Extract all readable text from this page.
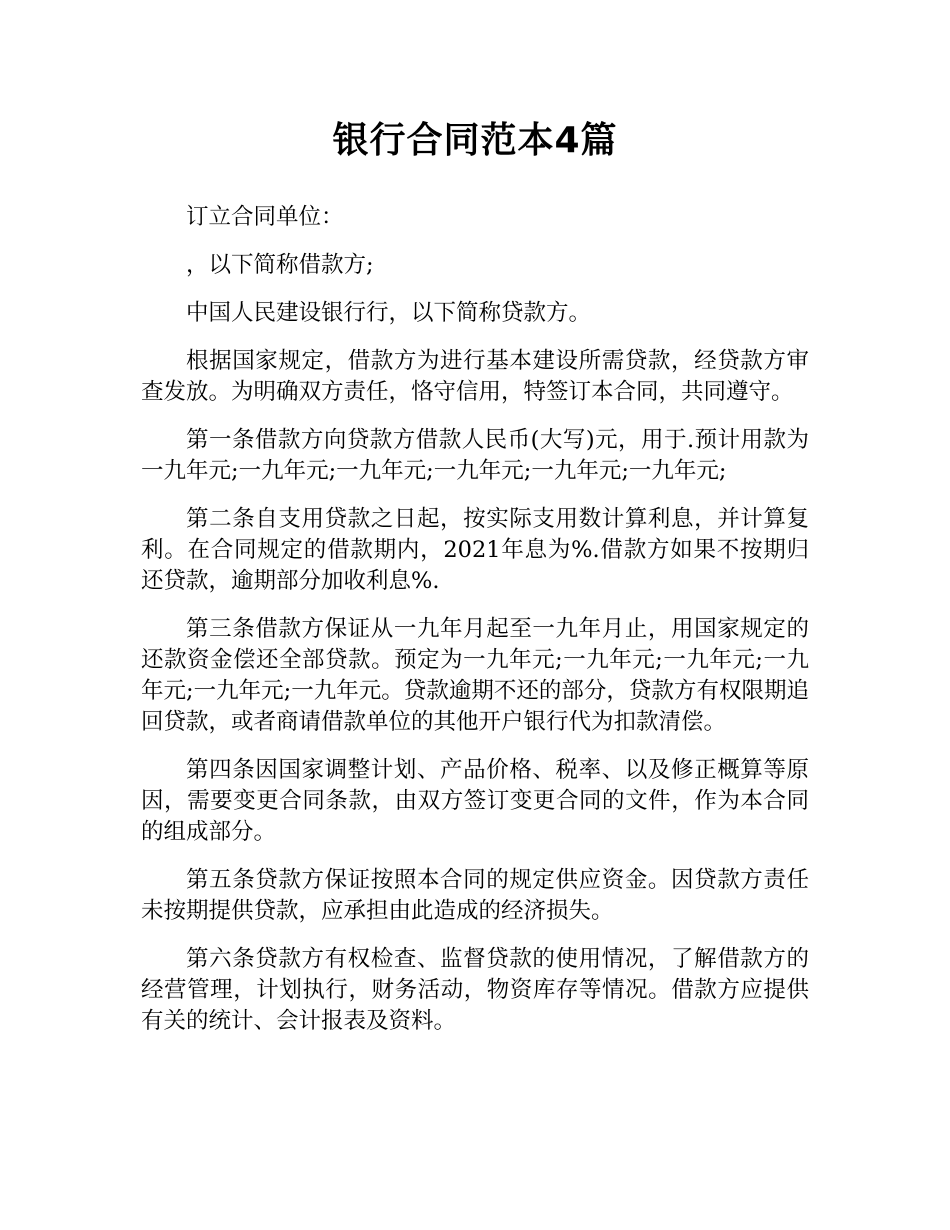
银行合同范本4篇

订立合同单位：

，以下简称借款方;

中国人民建设银行行，以下简称贷款方。

根据国家规定，借款方为进行基本建设所需贷款，经贷款方审查发放。为明确双方责任，恪守信用，特签订本合同，共同遵守。

第一条借款方向贷款方借款人民币(大写)元，用于.预计用款为一九年元;一九年元;一九年元;一九年元;一九年元;一九年元;

第二条自支用贷款之日起，按实际支用数计算利息，并计算复利。在合同规定的借款期内，2021年息为%.借款方如果不按期归还贷款，逾期部分加收利息%.

第三条借款方保证从一九年月起至一九年月止，用国家规定的还款资金偿还全部贷款。预定为一九年元;一九年元;一九年元;一九年元;一九年元;一九年元。贷款逾期不还的部分，贷款方有权限期追回贷款，或者商请借款单位的其他开户银行代为扣款清偿。

第四条因国家调整计划、产品价格、税率、以及修正概算等原因，需要变更合同条款，由双方签订变更合同的文件，作为本合同的组成部分。

第五条贷款方保证按照本合同的规定供应资金。因贷款方责任未按期提供贷款，应承担由此造成的经济损失。

第六条贷款方有权检查、监督贷款的使用情况，了解借款方的经营管理，计划执行，财务活动，物资库存等情况。借款方应提供有关的统计、会计报表及资料。
